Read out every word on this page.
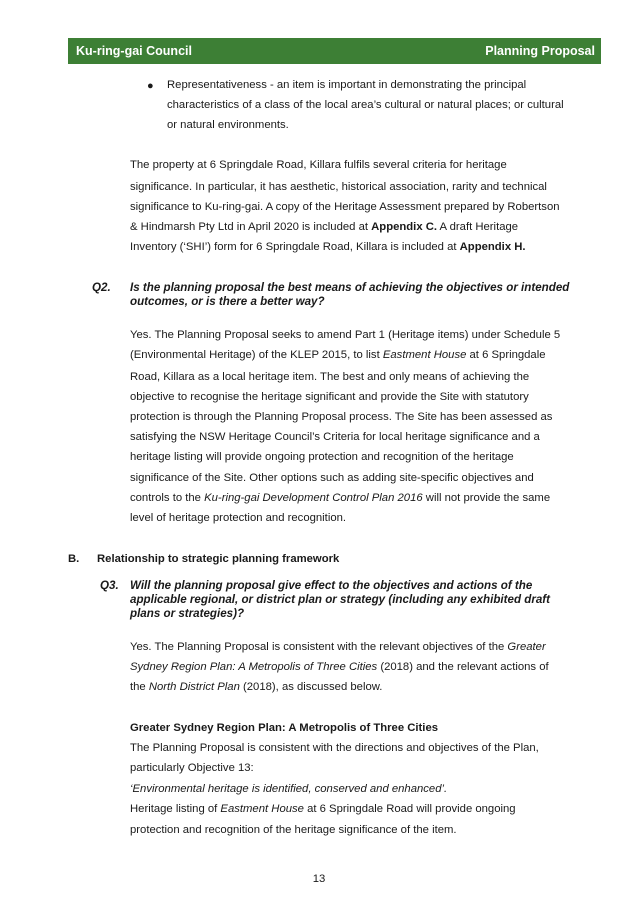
Ku-ring-gai Council	Planning Proposal
● Representativeness - an item is important in demonstrating the principal
characteristics of a class of the local area’s cultural or natural places; or cultural
or natural environments.
The property at 6 Springdale Road, Killara fulfils several criteria for heritage
significance. In particular, it has aesthetic, historical association, rarity and technical
significance to Ku-ring-gai. A copy of the Heritage Assessment prepared by Robertson
& Hindmarsh Pty Ltd in April 2020 is included at Appendix C. A draft Heritage
Inventory (‘SHI’) form for 6 Springdale Road, Killara is included at Appendix H.
Q2. Is the planning proposal the best means of achieving the objectives or intended
outcomes, or is there a better way?
Yes. The Planning Proposal seeks to amend Part 1 (Heritage items) under Schedule 5
(Environmental Heritage) of the KLEP 2015, to list Eastment House at 6 Springdale
Road, Killara as a local heritage item. The best and only means of achieving the
objective to recognise the heritage significant and provide the Site with statutory
protection is through the Planning Proposal process. The Site has been assessed as
satisfying the NSW Heritage Council’s Criteria for local heritage significance and a
heritage listing will provide ongoing protection and recognition of the heritage
significance of the Site. Other options such as adding site-specific objectives and
controls to the Ku-ring-gai Development Control Plan 2016 will not provide the same
level of heritage protection and recognition.
B. Relationship to strategic planning framework
Q3. Will the planning proposal give effect to the objectives and actions of the
applicable regional, or district plan or strategy (including any exhibited draft
plans or strategies)?
Yes. The Planning Proposal is consistent with the relevant objectives of the Greater
Sydney Region Plan: A Metropolis of Three Cities (2018) and the relevant actions of
the North District Plan (2018), as discussed below.
Greater Sydney Region Plan: A Metropolis of Three Cities
The Planning Proposal is consistent with the directions and objectives of the Plan,
particularly Objective 13:
‘Environmental heritage is identified, conserved and enhanced’.
Heritage listing of Eastment House at 6 Springdale Road will provide ongoing
protection and recognition of the heritage significance of the item.
13
